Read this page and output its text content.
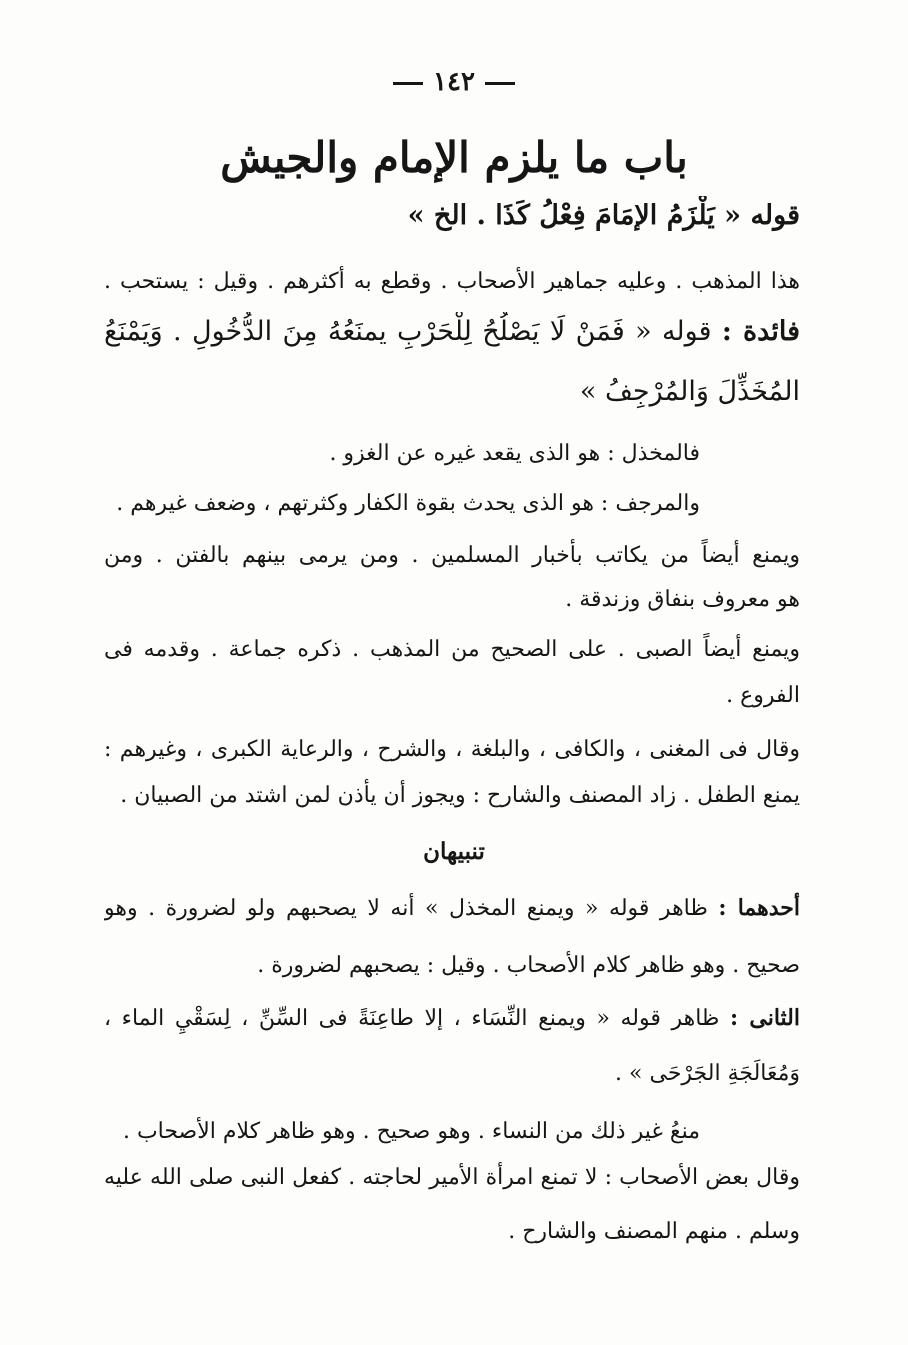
١٤٢
باب ما يلزم الإمام والجيش
قوله « يَلْزَمُ الإمَامَ فِعْلُ كَذَا . الخ »
هذا المذهب . وعليه جماهير الأصحاب . وقطع به أكثرهم . وقيل : يستحب .
فائدة : قوله « فَمَنْ لَا يَصْلُحُ لِلْحَرْبِ يمنَعُهُ مِنَ الدُّخُولِ . وَيَمْنَعُ
المُخَذِّلَ وَالمُرْجِفُ »
فالمخذل : هو الذى يقعد غيره عن الغزو .
والمرجف : هو الذى يحدث بقوة الكفار وكثرتهم ، وضعف غيرهم .
ويمنع أيضاً من يكاتب بأخبار المسلمين . ومن يرمى بينهم بالفتن . ومن
هو معروف بنفاق وزندقة .
ويمنع أيضاً الصبى . على الصحيح من المذهب . ذكره جماعة . وقدمه فى
الفروع .
وقال فى المغنى ، والكافى ، والبلغة ، والشرح ، والرعاية الكبرى ، وغيرهم :
يمنع الطفل . زاد المصنف والشارح : ويجوز أن يأذن لمن اشتد من الصبيان .
تنبيهان
أحدهما : ظاهر قوله « ويمنع المخذل » أنه لا يصحبهم ولو لضرورة . وهو
صحيح . وهو ظاهر كلام الأصحاب . وقيل : يصحبهم لضرورة .
الثانى : ظاهر قوله « ويمنع النِّسَاء ، إلا طاعِنَةً فى السِّنِّ ، لِسَقْيِ الماء ،
وَمُعَالَجَةِ الجَرْحَى » .
منعُ غير ذلك من النساء . وهو صحيح . وهو ظاهر كلام الأصحاب .
وقال بعض الأصحاب : لا تمنع امرأة الأمير لحاجته . كفعل النبى صلى الله عليه
وسلم . منهم المصنف والشارح .
